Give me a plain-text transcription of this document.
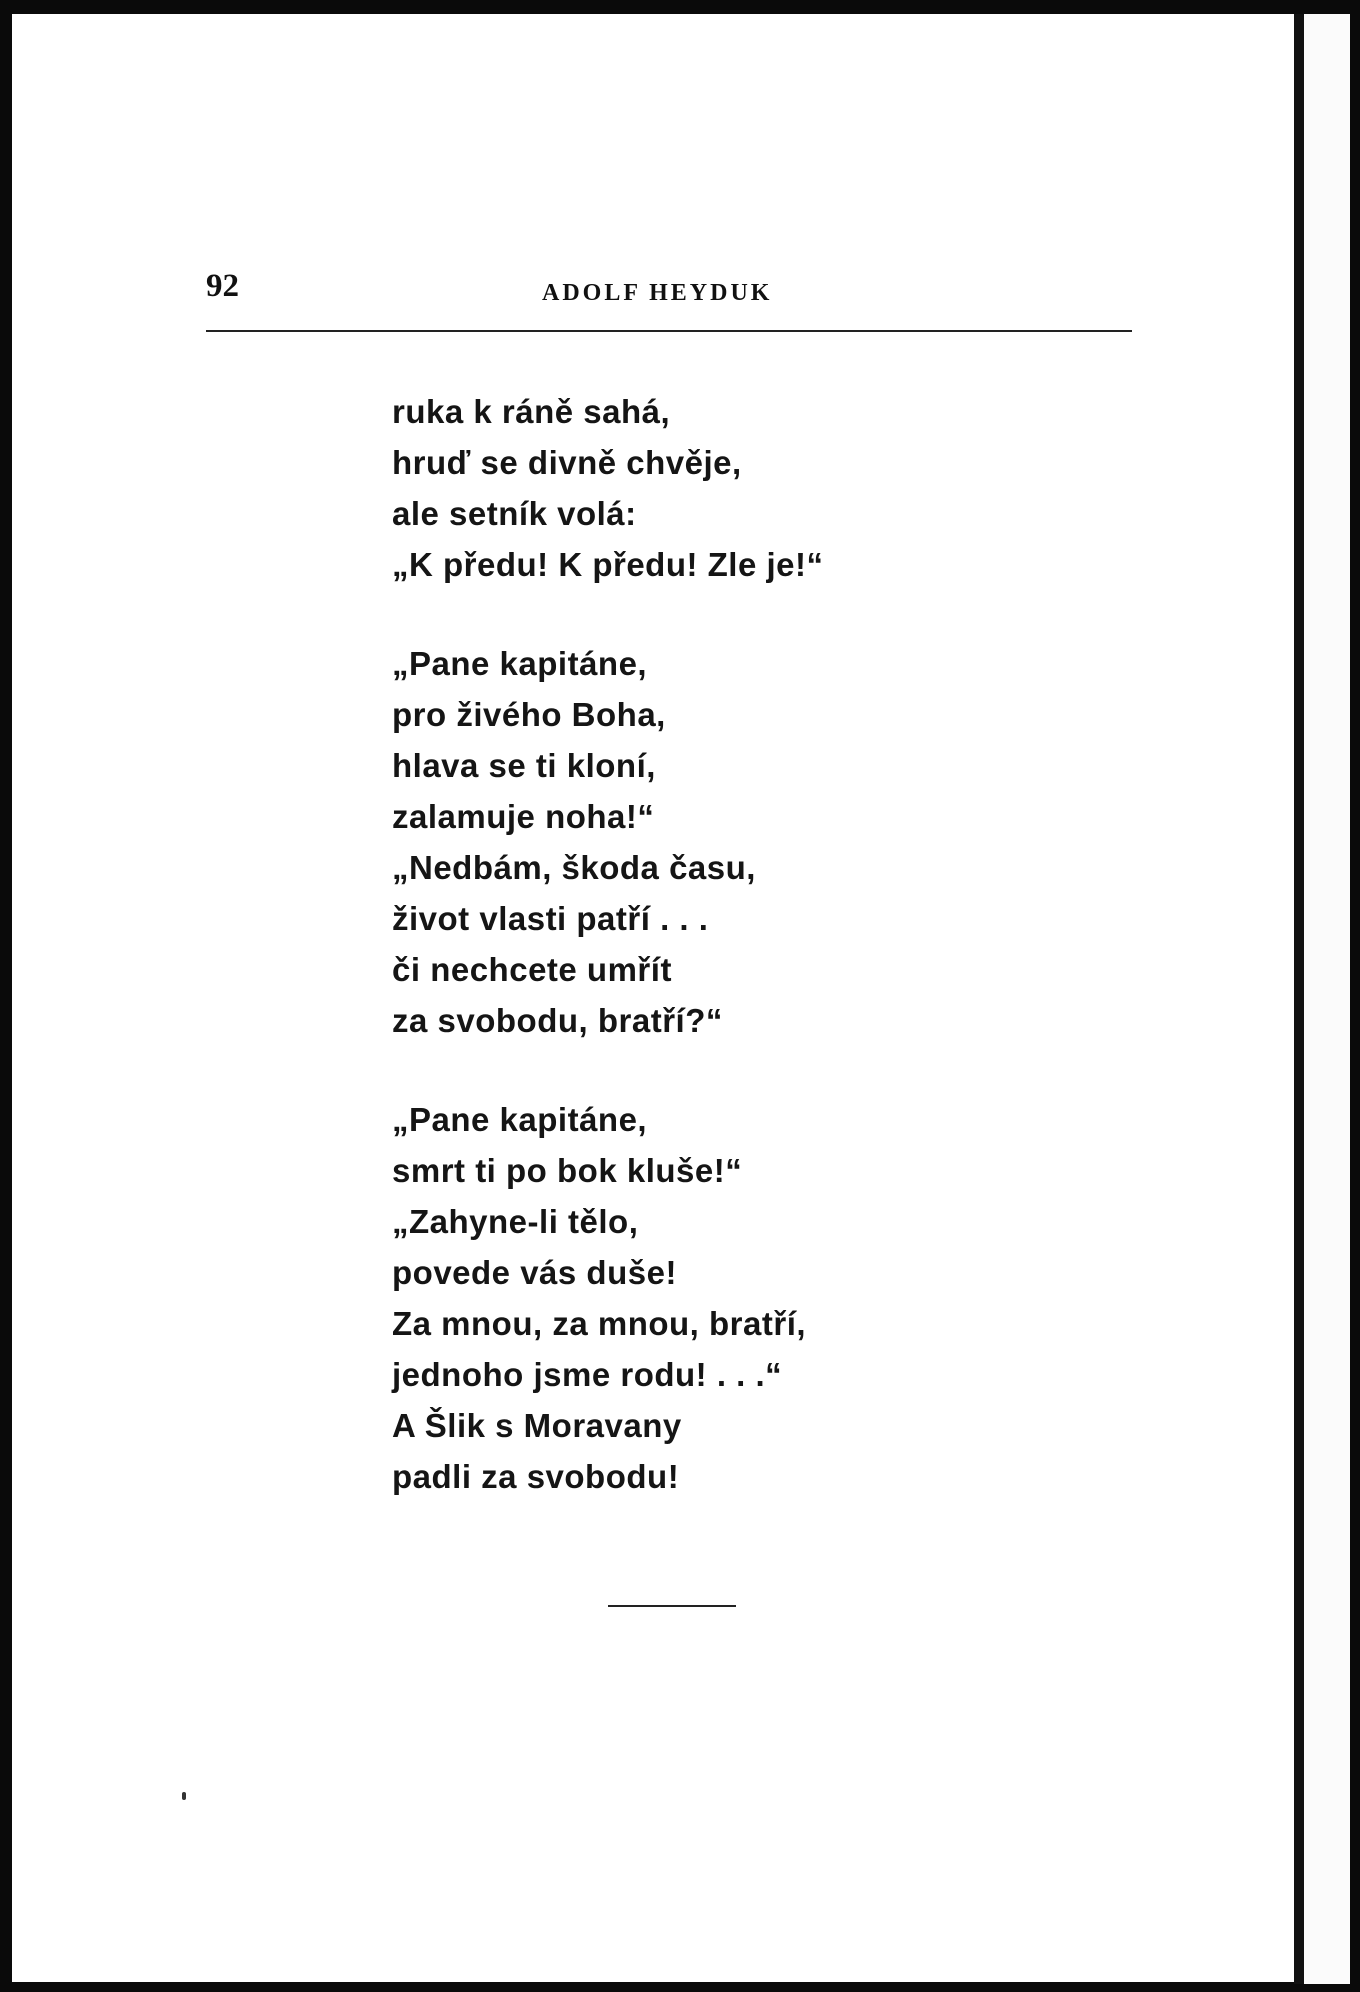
92	ADOLF HEYDUK
ruka k ráně sahá,
hruď se divně chvěje,
ale setník volá:
„K předu! K předu! Zle je!“
„Pane kapitáne,
pro živého Boha,
hlava se ti kloní,
zalamuje noha!“
„Nedbám, škoda času,
život vlasti patří . . .
či nechcete umřít
za svobodu, bratří?“
„Pane kapitáne,
smrt ti po bok kluše!“
„Zahyne-li tělo,
povede vás duše!
Za mnou, za mnou, bratří,
jednoho jsme rodu! . . .“
A Šlik s Moravany
padli za svobodu!
